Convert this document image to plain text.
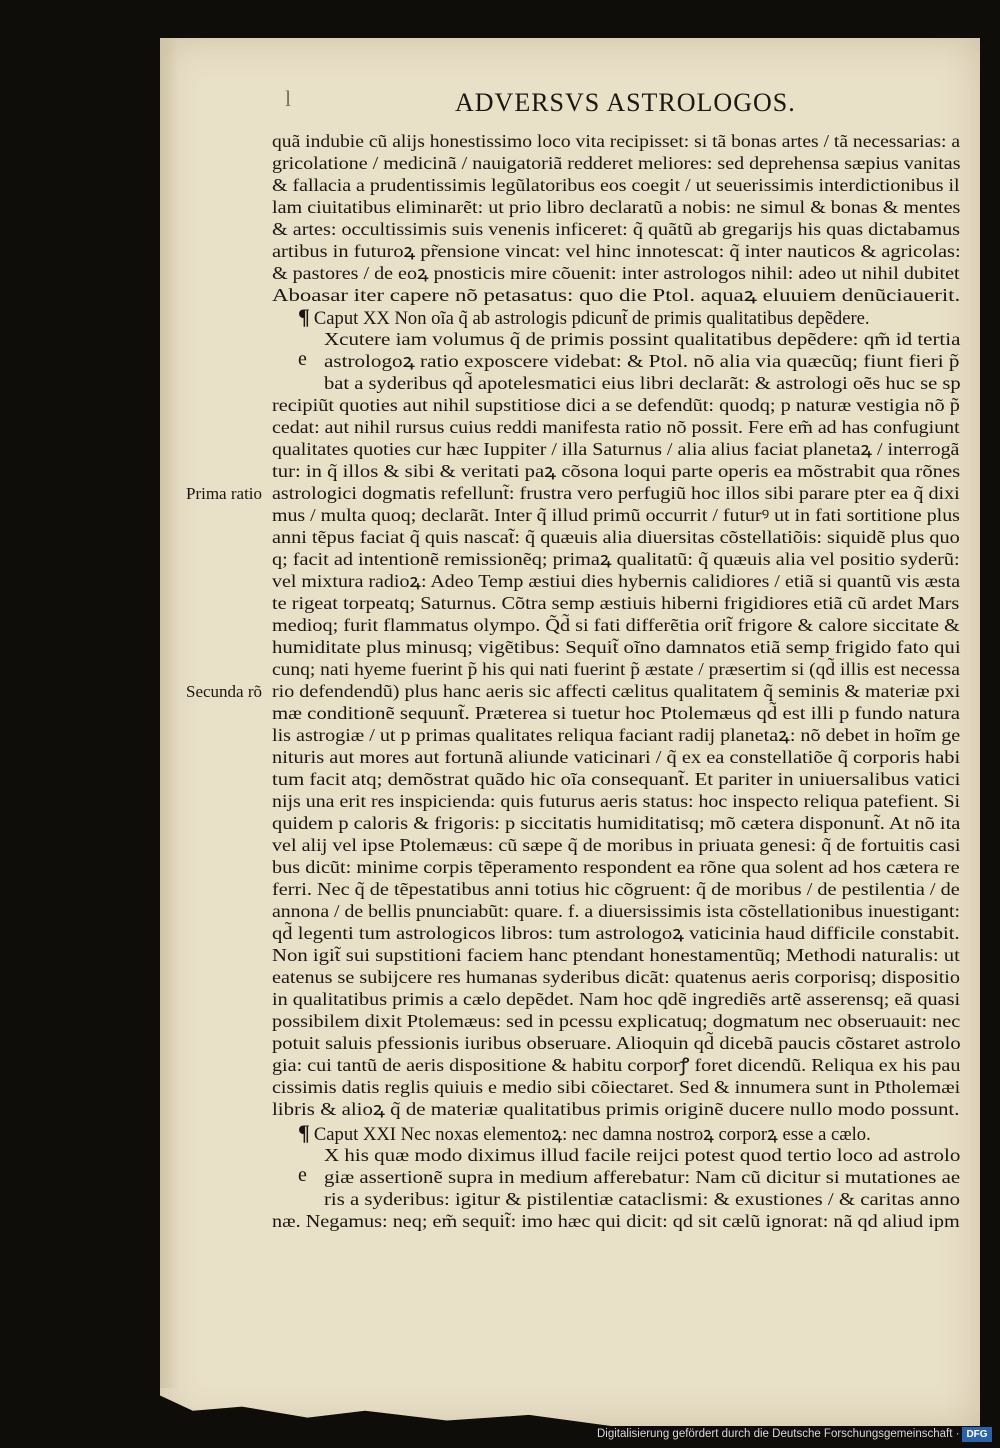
l	ADVERSVS ASTROLOGOS.
quã indubie cũ alijs honestissimo loco vita recipisset: si tã bonas artes / tã necessarias: a
gricolatione / medicinã / nauigatoriã redderet meliores: sed deprehensa sæpius vanitas
& fallacia a prudentissimis legũlatoribus eos coegit / ut seuerissimis interdictionibus il
lam ciuitatibus eliminarẽt: ut prio libro declaratũ a nobis: ne simul & bonas & mentes
& artes: occultissimis suis venenis inficeret: q̃ quãtũ ab gregarijs his quas dictabamus
artibus in futuroꝝ pr̃ensione vincat: vel hinc innotescat: q̃ inter nauticos & agricolas:
& pastores / de eoꝝ pnosticis mire cõuenit: inter astrologos nihil: adeo ut nihil dubitet
Aboasar iter capere nõ petasatus: quo die Ptol. aquaꝝ eluuiem denũciauerit.
¶ Caput XX Non oĩa q̃ ab astrologis pdicunt̃ de primis qualitatibus depẽdere.
e
Xcutere iam volumus q̃ de primis possint qualitatibus depẽdere: qm̃ id tertia
astrologoꝝ ratio exposcere videbat: & Ptol. nõ alia via quæcũq; fiunt fieri p̃
bat a syderibus qd̃ apotelesmatici eius libri declarãt: & astrologi oẽs huc se sp
recipiũt quoties aut nihil supstitiose dici a se defendũt: quodq; p naturæ vestigia nõ p̃
cedat: aut nihil rursus cuius reddi manifesta ratio nõ possit. Fere em̃ ad has confugiunt
qualitates quoties cur hæc Iuppiter / illa Saturnus / alia alius faciat planetaꝝ / interrogã
tur: in q̃ illos & sibi & veritati paꝝ cõsona loqui parte operis ea mõstrabit qua rõnes
astrologici dogmatis refellunt̃: frustra vero perfugiũ hoc illos sibi parare pter ea q̃ dixi
mus / multa quoq; declarãt. Inter q̃ illud primũ occurrit / futurꝰ ut in fati sortitione plus
anni tẽpus faciat q̃ quis nascat̃: q̃ quæuis alia diuersitas cõstellatiõis: siquidẽ plus quo
q; facit ad intentionẽ remissionẽq; primaꝝ qualitatũ: q̃ quæuis alia vel positio syderũ:
vel mixtura radioꝝ: Adeo Temp æstiui dies hybernis calidiores / etiã si quantũ vis æsta
te rigeat torpeatq; Saturnus. Cõtra semp æstiuis hiberni frigidiores etiã cũ ardet Mars
medioq; furit flammatus olympo. Q̃d̃ si fati differẽtia orit̃ frigore & calore siccitate &
humiditate plus minusq; vigẽtibus: Sequit̃ oĩno damnatos etiã semp frigido fato qui
cunq; nati hyeme fuerint p̃ his qui nati fuerint p̃ æstate / præsertim si (qd̃ illis est necessa
rio defendendũ) plus hanc aeris sic affecti cælitus qualitatem q̃ seminis & materiæ pxi
mæ conditionẽ sequunt̃. Præterea si tuetur hoc Ptolemæus qd̃ est illi p fundo natura
lis astrogiæ / ut p primas qualitates reliqua faciant radij planetaꝝ: nõ debet in hoĩm ge
nituris aut mores aut fortunã aliunde vaticinari / q̃ ex ea constellatiõe q̃ corporis habi
tum facit atq; demõstrat quãdo hic oĩa consequant̃. Et pariter in uniuersalibus vatici
nijs una erit res inspicienda: quis futurus aeris status: hoc inspecto reliqua patefient. Si
quidem p caloris & frigoris: p siccitatis humiditatisq; mõ cætera disponunt̃. At nõ ita
vel alij vel ipse Ptolemæus: cũ sæpe q̃ de moribus in priuata genesi: q̃ de fortuitis casi
bus dicũt: minime corpis tẽperamento respondent ea rõne qua solent ad hos cætera re
ferri. Nec q̃ de tẽpestatibus anni totius hic cõgruent: q̃ de moribus / de pestilentia / de
annona / de bellis pnunciabũt: quare. f. a diuersissimis ista cõstellationibus inuestigant:
qd̃ legenti tum astrologicos libros: tum astrologoꝝ vaticinia haud difficile constabit.
Non igit̃ sui supstitioni faciem hanc ptendant honestamentũq; Methodi naturalis: ut
eatenus se subijcere res humanas syderibus dicãt: quatenus aeris corporisq; dispositio
in qualitatibus primis a cælo depẽdet. Nam hoc qdẽ ingrediẽs artẽ asserensq; eã quasi
possibilem dixit Ptolemæus: sed in pcessu explicatuq; dogmatum nec obseruauit: nec
potuit saluis pfessionis iuribus obseruare. Alioquin qd̃ dicebã paucis cõstaret astrolo
gia: cui tantũ de aeris dispositione & habitu corporꝭ foret dicendũ. Reliqua ex his pau
cissimis datis reglis quiuis e medio sibi cõiectaret. Sed & innumera sunt in Ptholemæi
libris & alioꝝ q̃ de materiæ qualitatibus primis originẽ ducere nullo modo possunt.
¶ Caput XXI Nec noxas elementoꝝ: nec damna nostroꝝ corporꝝ esse a cælo.
e
X his quæ modo diximus illud facile reijci potest quod tertio loco ad astrolo
giæ assertionẽ supra in medium afferebatur: Nam cũ dicitur si mutationes ae
ris a syderibus: igitur & pistilentiæ cataclismi: & exustiones / & caritas anno
næ. Negamus: neq; em̃ sequit̃: imo hæc qui dicit: qd sit cælũ ignorat: nã qd aliud ipm
Prima ratio
Secunda rõ
Digitalisierung gefördert durch die Deutsche Forschungsgemeinschaft · DFG
